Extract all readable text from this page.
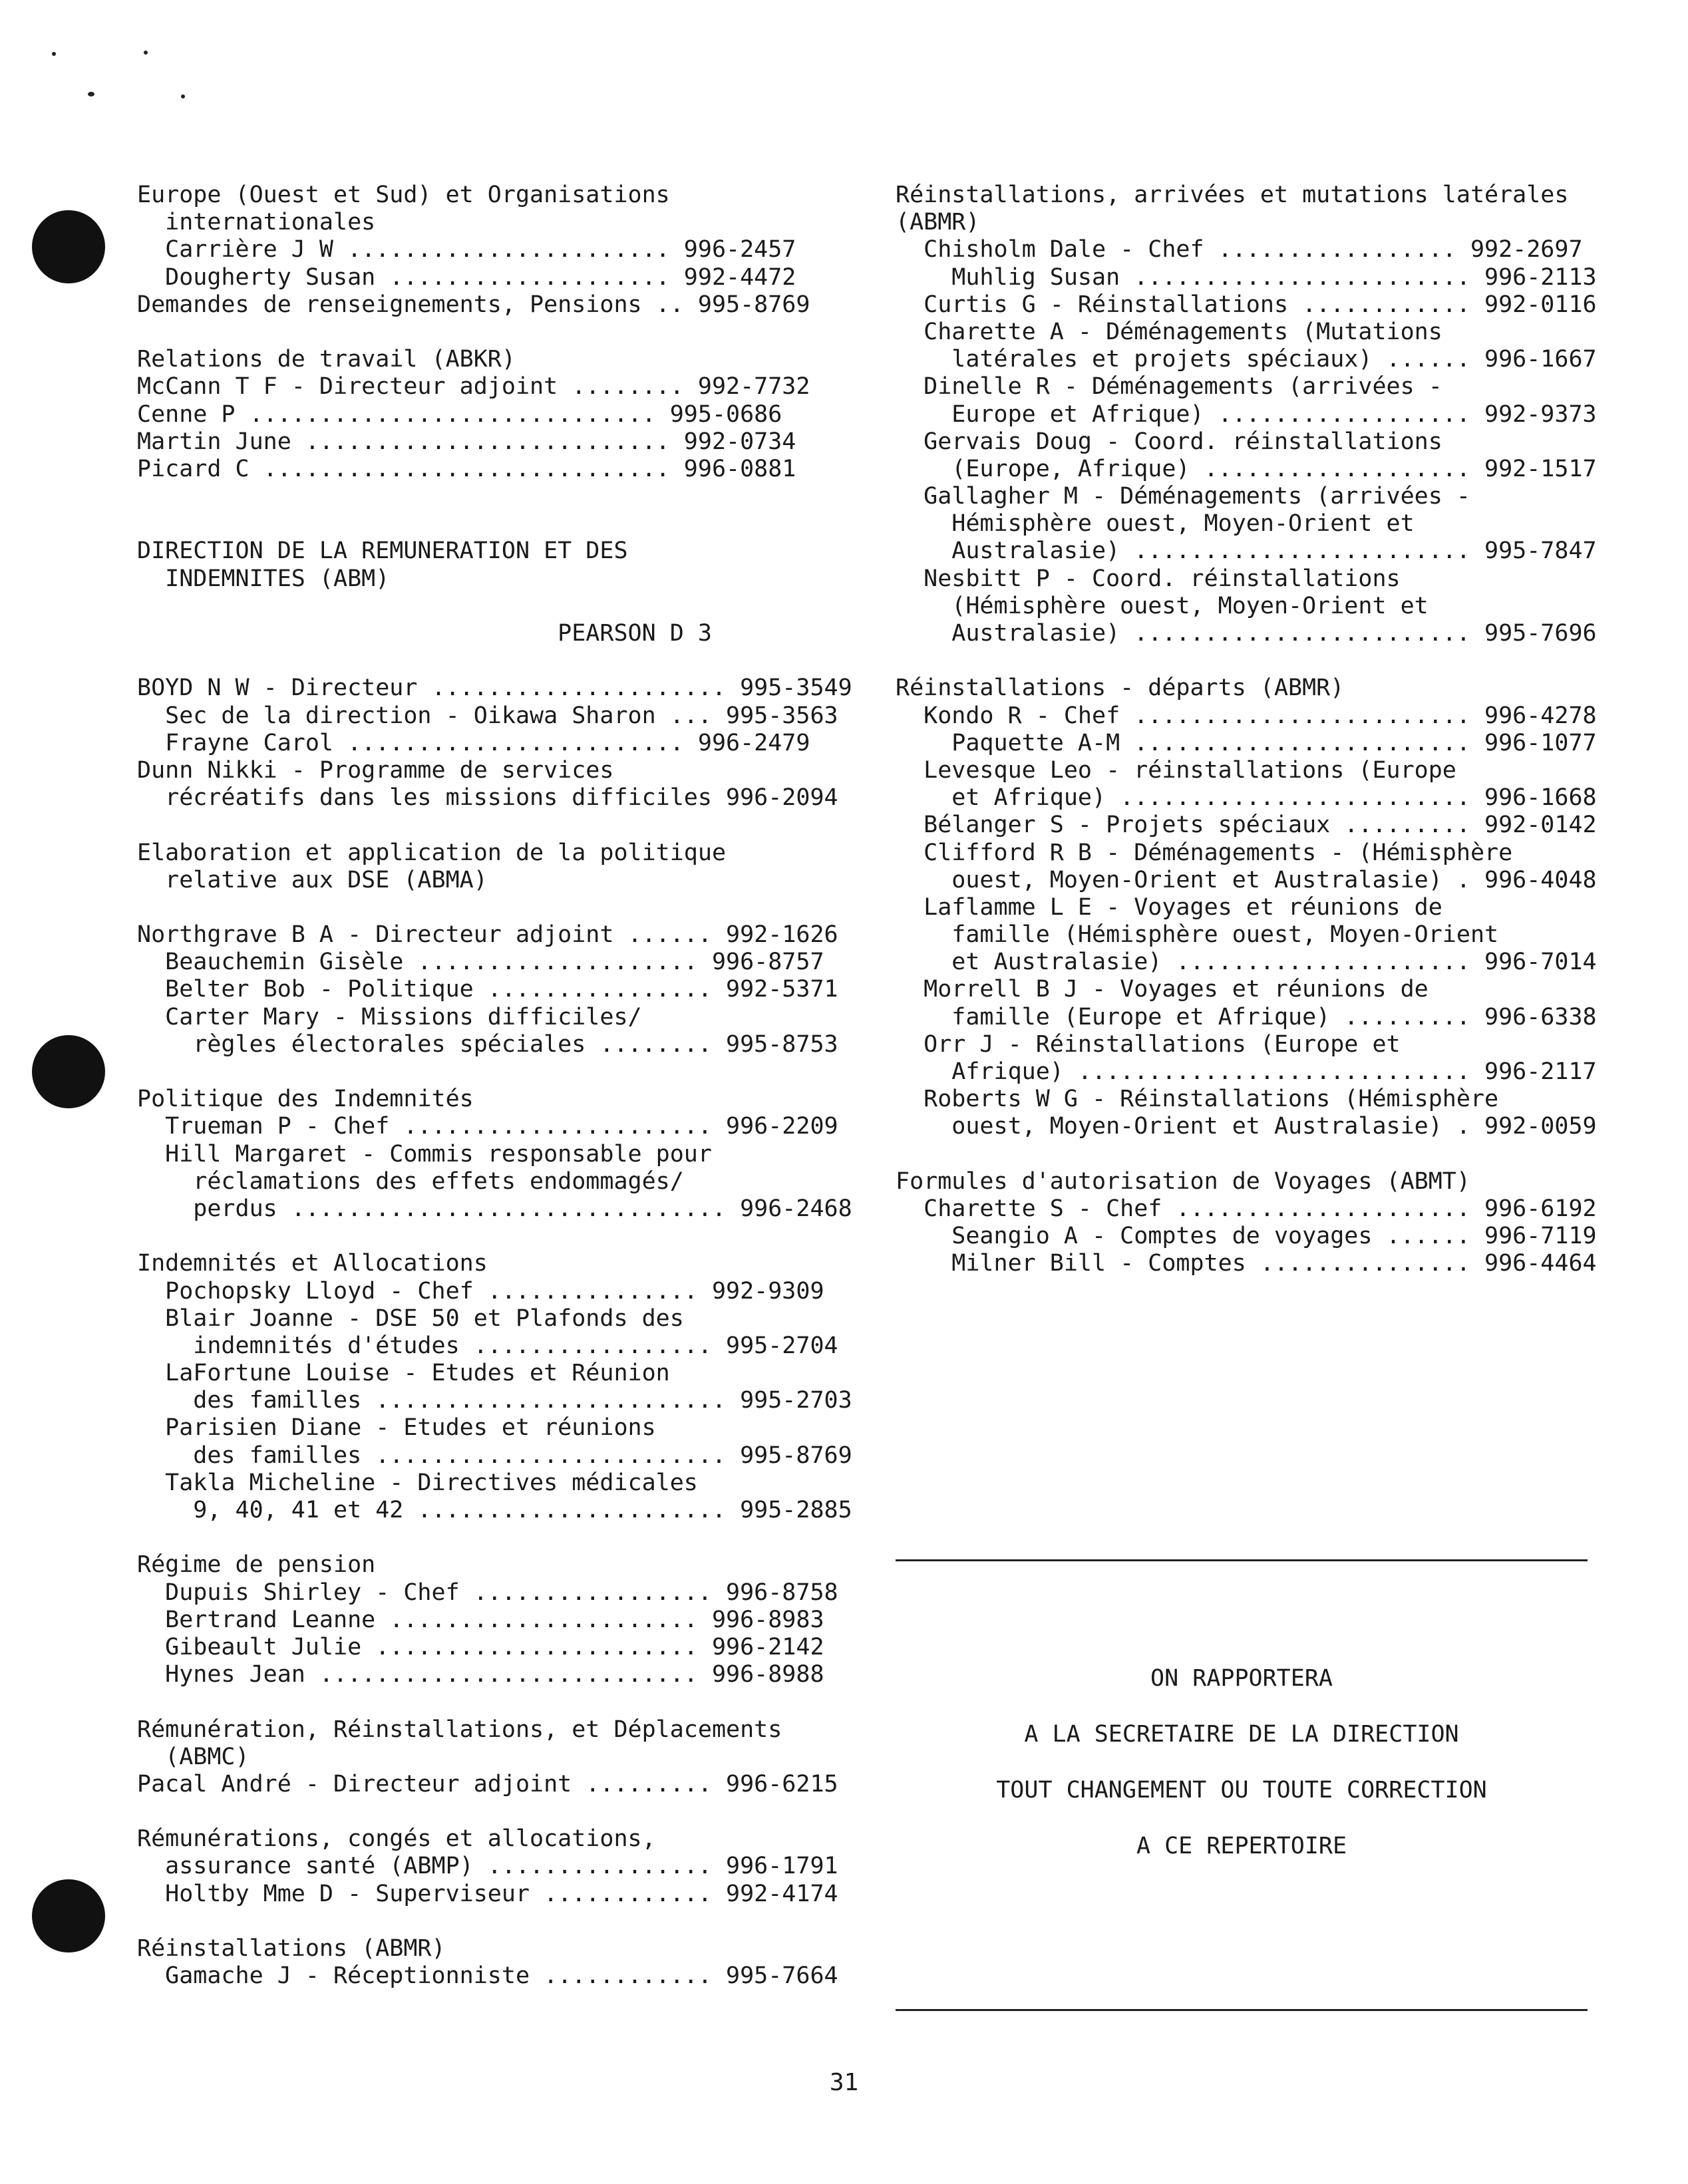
Europe (Ouest et Sud) et Organisations
internationales
Carrière J W ....................... 996-2457
Dougherty Susan .................... 992-4472
Demandes de renseignements, Pensions .. 995-8769
Relations de travail (ABKR)
McCann T F - Directeur adjoint ........ 992-7732
Cenne P ............................. 995-0686
Martin June .......................... 992-0734
Picard C ............................. 996-0881
DIRECTION DE LA REMUNERATION ET DES
INDEMNITES (ABM)
PEARSON D 3
BOYD N W - Directeur ..................... 995-3549
Sec de la direction - Oikawa Sharon ... 995-3563
Frayne Carol ........................ 996-2479
Dunn Nikki - Programme de services
récréatifs dans les missions difficiles 996-2094
Elaboration et application de la politique
relative aux DSE (ABMA)
Northgrave B A - Directeur adjoint ...... 992-1626
Beauchemin Gisèle .................... 996-8757
Belter Bob - Politique ................ 992-5371
Carter Mary - Missions difficiles/
règles électorales spéciales ........ 995-8753
Politique des Indemnités
Trueman P - Chef ...................... 996-2209
Hill Margaret - Commis responsable pour
réclamations des effets endommagés/
perdus ............................... 996-2468
Indemnités et Allocations
Pochopsky Lloyd - Chef ............... 992-9309
Blair Joanne - DSE 50 et Plafonds des
indemnités d'études ................. 995-2704
LaFortune Louise - Etudes et Réunion
des familles ......................... 995-2703
Parisien Diane - Etudes et réunions
des familles ......................... 995-8769
Takla Micheline - Directives médicales
9, 40, 41 et 42 ...................... 995-2885
Régime de pension
Dupuis Shirley - Chef ................. 996-8758
Bertrand Leanne ...................... 996-8983
Gibeault Julie ....................... 996-2142
Hynes Jean ........................... 996-8988
Rémunération, Réinstallations, et Déplacements
(ABMC)
Pacal André - Directeur adjoint ......... 996-6215
Rémunérations, congés et allocations,
assurance santé (ABMP) ................ 996-1791
Holtby Mme D - Superviseur ............ 992-4174
Réinstallations (ABMR)
Gamache J - Réceptionniste ............ 995-7664
Réinstallations, arrivées et mutations latérales
(ABMR)
Chisholm Dale - Chef ................. 992-2697
Muhlig Susan ........................ 996-2113
Curtis G - Réinstallations ............ 992-0116
Charette A - Déménagements (Mutations
latérales et projets spéciaux) ...... 996-1667
Dinelle R - Déménagements (arrivées -
Europe et Afrique) .................. 992-9373
Gervais Doug - Coord. réinstallations
(Europe, Afrique) ................... 992-1517
Gallagher M - Déménagements (arrivées -
Hémisphère ouest, Moyen-Orient et
Australasie) ........................ 995-7847
Nesbitt P - Coord. réinstallations
(Hémisphère ouest, Moyen-Orient et
Australasie) ........................ 995-7696
Réinstallations - départs (ABMR)
Kondo R - Chef ........................ 996-4278
Paquette A-M ........................ 996-1077
Levesque Leo - réinstallations (Europe
et Afrique) ......................... 996-1668
Bélanger S - Projets spéciaux ......... 992-0142
Clifford R B - Déménagements - (Hémisphère
ouest, Moyen-Orient et Australasie) . 996-4048
Laflamme L E - Voyages et réunions de
famille (Hémisphère ouest, Moyen-Orient
et Australasie) ..................... 996-7014
Morrell B J - Voyages et réunions de
famille (Europe et Afrique) ......... 996-6338
Orr J - Réinstallations (Europe et
Afrique) ............................ 996-2117
Roberts W G - Réinstallations (Hémisphère
ouest, Moyen-Orient et Australasie) . 992-0059
Formules d'autorisation de Voyages (ABMT)
Charette S - Chef ..................... 996-6192
Seangio A - Comptes de voyages ...... 996-7119
Milner Bill - Comptes ............... 996-4464
ON RAPPORTERA
A LA SECRETAIRE DE LA DIRECTION
TOUT CHANGEMENT OU TOUTE CORRECTION
A CE REPERTOIRE
31
